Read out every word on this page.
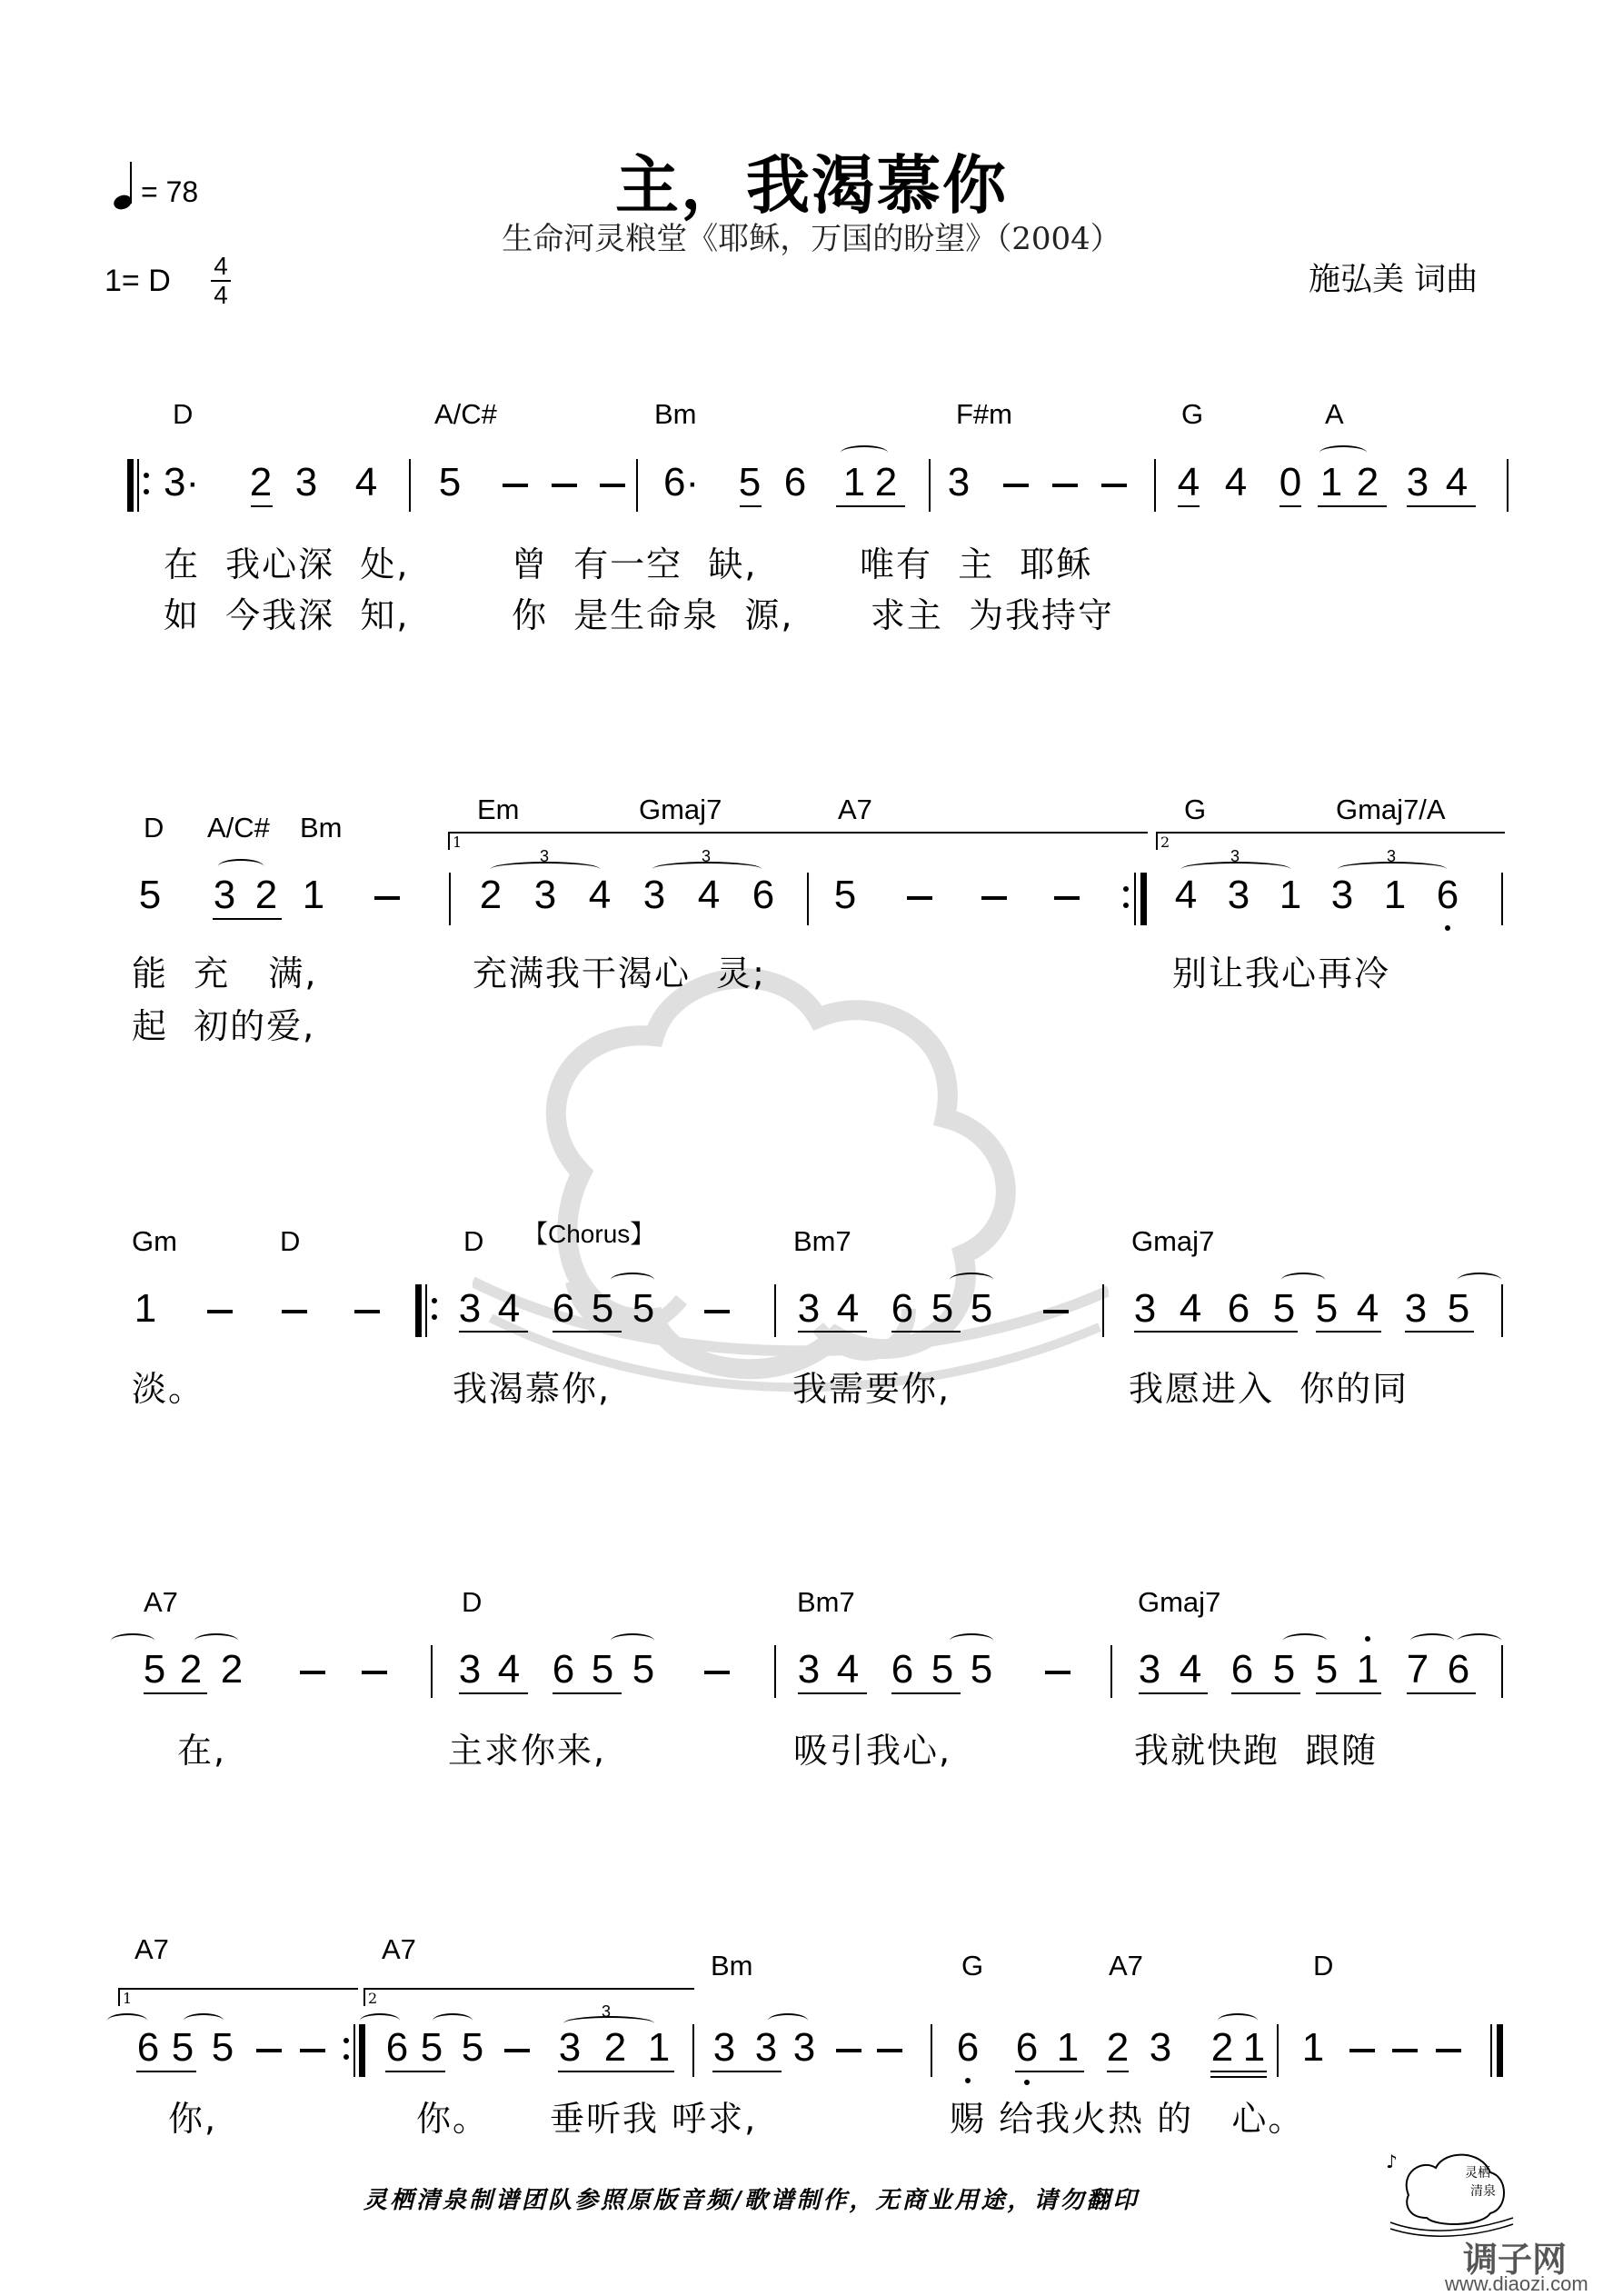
主，我渴慕你
生命河灵粮堂《耶稣，万国的盼望》（2004）
施弘美 词曲
= 78
1= D 4
4
D	A/C#	Bm	F#m	G	A
3· 2 3 4 5	6· 5 6 1 2 3	4 4 0 1 2 3 4
在  我心深  处,        曾  有一空  缺,        唯有  主  耶稣
如  今我深  知,        你  是生命泉  源,      求主  为我持守
D A/C# Bm
Em	Gmaj7	A7	G	Gmaj7/A
1	2
5 3 2 1
3
2 3 4
3
3 4 6 5
3
4 3 1
3
3 1 6
能  充   满,	充满我干渴心  灵;	别让我心再冷
起  初的爱,
Gm	D	D 【Chorus】	Bm7	Gmaj7
1	3 4 6 5 5	3 4 6 5 5	3 4 6 5 5 4 3 5
淡。	我渴慕你,	我需要你,	我愿进入  你的同
A7	D	Bm7	Gmaj7
5 2 2	3 4 6 5 5	3 4 6 5 5	3 4 6 5 5 1 7 6
在,	主求你来,	吸引我心,	我就快跑  跟随
A7	A7
Bm	G	A7	D
1	2
6 5 5	6 5 5
3
3 2 1 3 3 3	6 6 1 2 3 2 1 1
你,	你。 垂听我 呼求,	赐 给我火热 的   心。
灵栖清泉制谱团队参照原版音频/歌谱制作，无商业用途，请勿翻印
灵栖
清泉
♪
调子网
www.diaozi.com
